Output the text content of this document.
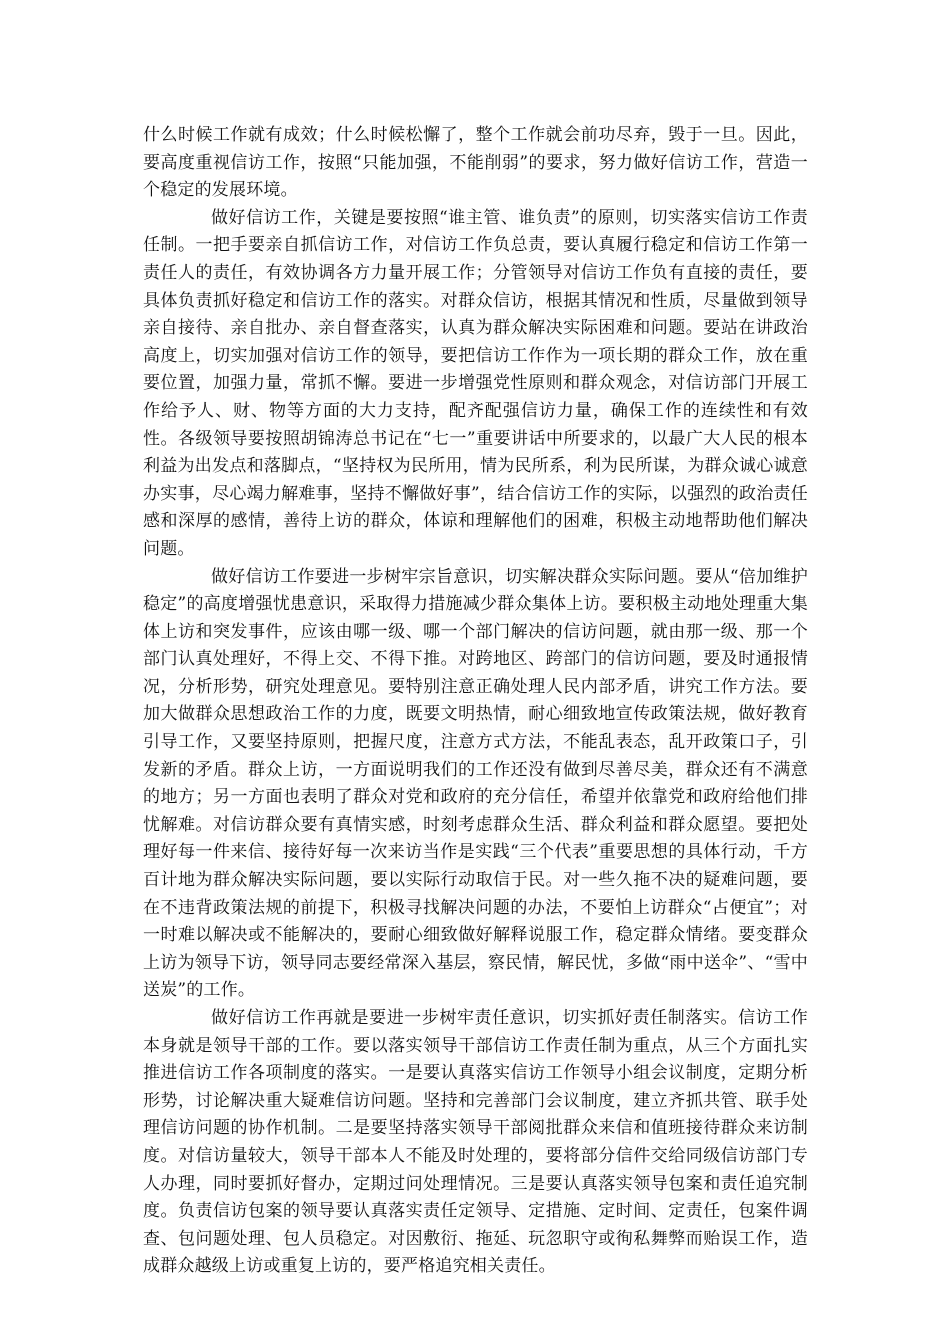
什么时候工作就有成效；什么时候松懈了，整个工作就会前功尽弃，毁于一旦。因此，要高度重视信访工作，按照“只能加强，不能削弱”的要求，努力做好信访工作，营造一个稳定的发展环境。

做好信访工作，关键是要按照“谁主管、谁负责”的原则，切实落实信访工作责任制。一把手要亲自抓信访工作，对信访工作负总责，要认真履行稳定和信访工作第一责任人的责任，有效协调各方力量开展工作；分管领导对信访工作负有直接的责任，要具体负责抓好稳定和信访工作的落实。对群众信访，根据其情况和性质，尽量做到领导亲自接待、亲自批办、亲自督查落实，认真为群众解决实际困难和问题。要站在讲政治高度上，切实加强对信访工作的领导，要把信访工作作为一项长期的群众工作，放在重要位置，加强力量，常抓不懈。要进一步增强党性原则和群众观念，对信访部门开展工作给予人、财、物等方面的大力支持，配齐配强信访力量，确保工作的连续性和有效性。各级领导要按照胡锦涛总书记在“七一”重要讲话中所要求的，以最广大人民的根本利益为出发点和落脚点，“坚持权为民所用，情为民所系，利为民所谋，为群众诚心诚意办实事，尽心竭力解难事，坚持不懈做好事”，结合信访工作的实际，以强烈的政治责任感和深厚的感情，善待上访的群众，体谅和理解他们的困难，积极主动地帮助他们解决问题。

做好信访工作要进一步树牢宗旨意识，切实解决群众实际问题。要从“倍加维护稳定”的高度增强忧患意识，采取得力措施减少群众集体上访。要积极主动地处理重大集体上访和突发事件，应该由哪一级、哪一个部门解决的信访问题，就由那一级、那一个部门认真处理好，不得上交、不得下推。对跨地区、跨部门的信访问题，要及时通报情况，分析形势，研究处理意见。要特别注意正确处理人民内部矛盾，讲究工作方法。要加大做群众思想政治工作的力度，既要文明热情，耐心细致地宣传政策法规，做好教育引导工作，又要坚持原则，把握尺度，注意方式方法，不能乱表态，乱开政策口子，引发新的矛盾。群众上访，一方面说明我们的工作还没有做到尽善尽美，群众还有不满意的地方；另一方面也表明了群众对党和政府的充分信任，希望并依靠党和政府给他们排忧解难。对信访群众要有真情实感，时刻考虑群众生活、群众利益和群众愿望。要把处理好每一件来信、接待好每一次来访当作是实践“三个代表”重要思想的具体行动，千方百计地为群众解决实际问题，要以实际行动取信于民。对一些久拖不决的疑难问题，要在不违背政策法规的前提下，积极寻找解决问题的办法，不要怕上访群众“占便宜”；对一时难以解决或不能解决的，要耐心细致做好解释说服工作，稳定群众情绪。要变群众上访为领导下访，领导同志要经常深入基层，察民情，解民忧，多做“雨中送伞”、“雪中送炭”的工作。

做好信访工作再就是要进一步树牢责任意识，切实抓好责任制落实。信访工作本身就是领导干部的工作。要以落实领导干部信访工作责任制为重点，从三个方面扎实推进信访工作各项制度的落实。一是要认真落实信访工作领导小组会议制度，定期分析形势，讨论解决重大疑难信访问题。坚持和完善部门会议制度，建立齐抓共管、联手处理信访问题的协作机制。二是要坚持落实领导干部阅批群众来信和值班接待群众来访制度。对信访量较大，领导干部本人不能及时处理的，要将部分信件交给同级信访部门专人办理，同时要抓好督办，定期过问处理情况。三是要认真落实领导包案和责任追究制度。负责信访包案的领导要认真落实责任定领导、定措施、定时间、定责任，包案件调查、包问题处理、包人员稳定。对因敷衍、拖延、玩忽职守或徇私舞弊而贻误工作，造成群众越级上访或重复上访的，要严格追究相关责任。
